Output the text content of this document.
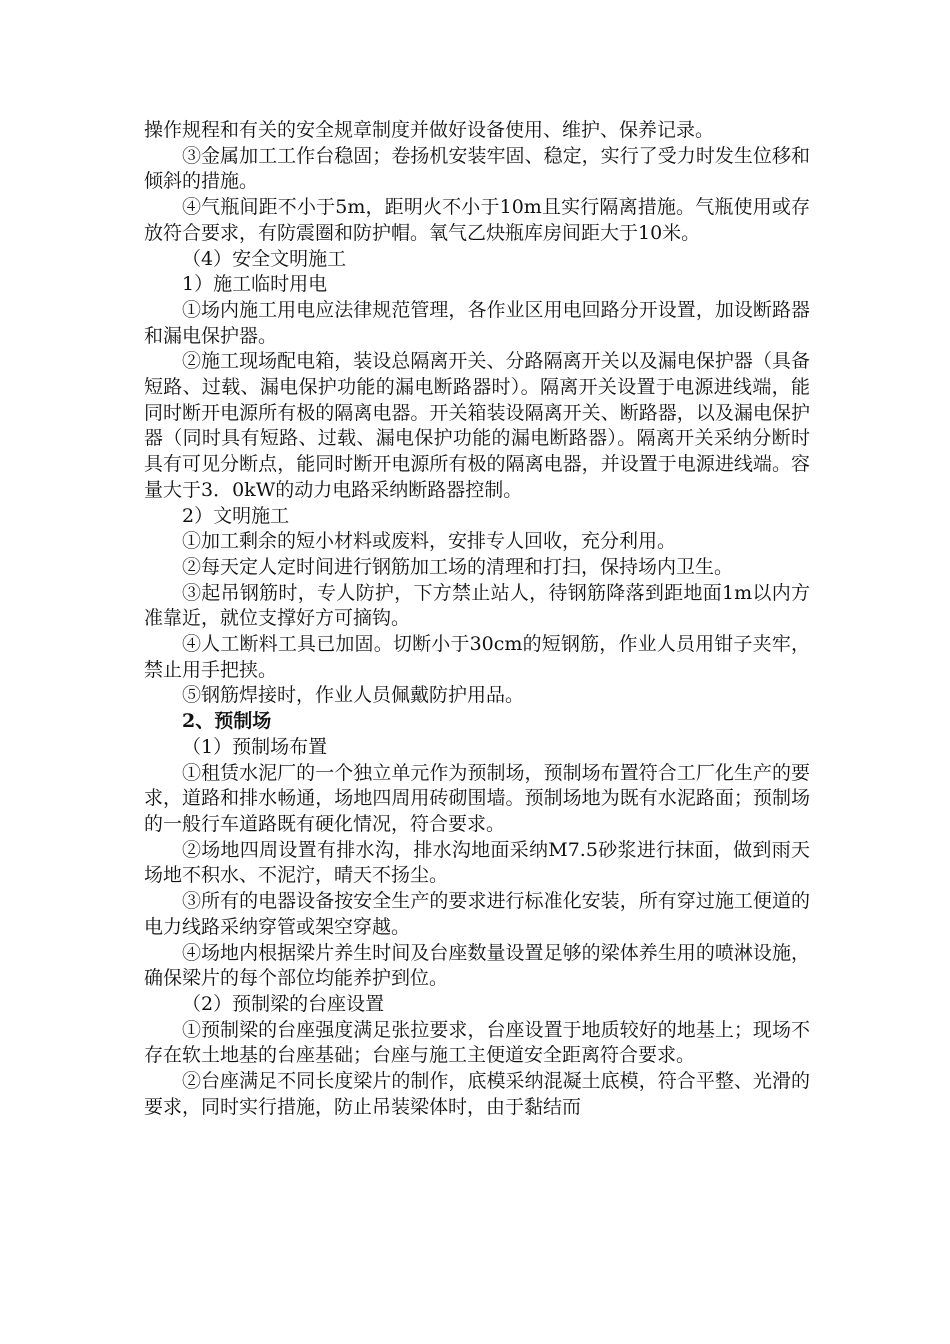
操作规程和有关的安全规章制度并做好设备使用、维护、保养记录。

③金属加工工作台稳固；卷扬机安装牢固、稳定，实行了受力时发生位移和倾斜的措施。

④气瓶间距不小于5m，距明火不小于10m且实行隔离措施。气瓶使用或存放符合要求，有防震圈和防护帽。氧气乙炔瓶库房间距大于10米。

（4）安全文明施工

1）施工临时用电

①场内施工用电应法律规范管理，各作业区用电回路分开设置，加设断路器和漏电保护器。

②施工现场配电箱，装设总隔离开关、分路隔离开关以及漏电保护器（具备短路、过载、漏电保护功能的漏电断路器时）。隔离开关设置于电源进线端，能同时断开电源所有极的隔离电器。开关箱装设隔离开关、断路器，以及漏电保护器（同时具有短路、过载、漏电保护功能的漏电断路器）。隔离开关采纳分断时具有可见分断点，能同时断开电源所有极的隔离电器，并设置于电源进线端。容量大于3．0kW的动力电路采纳断路器控制。

2）文明施工

①加工剩余的短小材料或废料，安排专人回收，充分利用。

②每天定人定时间进行钢筋加工场的清理和打扫，保持场内卫生。

③起吊钢筋时，专人防护，下方禁止站人，待钢筋降落到距地面1m以内方准靠近，就位支撑好方可摘钩。

④人工断料工具已加固。切断小于30cm的短钢筋，作业人员用钳子夹牢，禁止用手把挟。

⑤钢筋焊接时，作业人员佩戴防护用品。

2、预制场

（1）预制场布置

①租赁水泥厂的一个独立单元作为预制场，预制场布置符合工厂化生产的要求，道路和排水畅通，场地四周用砖砌围墙。预制场地为既有水泥路面；预制场的一般行车道路既有硬化情况，符合要求。

②场地四周设置有排水沟，排水沟地面采纳M7.5砂浆进行抹面，做到雨天场地不积水、不泥泞，晴天不扬尘。

③所有的电器设备按安全生产的要求进行标准化安装，所有穿过施工便道的电力线路采纳穿管或架空穿越。

④场地内根据梁片养生时间及台座数量设置足够的梁体养生用的喷淋设施，确保梁片的每个部位均能养护到位。

（2）预制梁的台座设置

①预制梁的台座强度满足张拉要求，台座设置于地质较好的地基上；现场不存在软土地基的台座基础；台座与施工主便道安全距离符合要求。

②台座满足不同长度梁片的制作，底模采纳混凝土底模，符合平整、光滑的要求，同时实行措施，防止吊装梁体时，由于黏结而
